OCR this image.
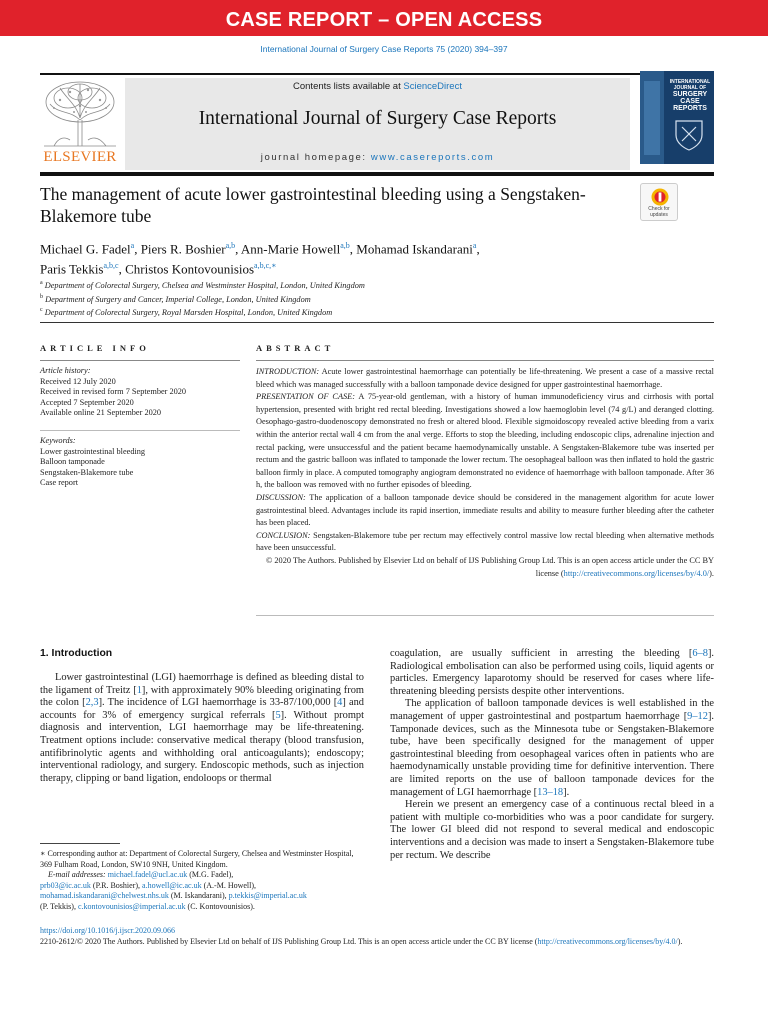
CASE REPORT – OPEN ACCESS
International Journal of Surgery Case Reports 75 (2020) 394–397
ELSEVIER
Contents lists available at ScienceDirect
International Journal of Surgery Case Reports
journal homepage: www.casereports.com
INTERNATIONAL JOURNAL OF
SURGERY
CASE
REPORTS
The management of acute lower gastrointestinal bleeding using a Sengstaken-Blakemore tube	Check for
updates
Michael G. Fadel$^a$, Piers R. Boshier$^{a,b}$, Ann-Marie Howell$^{a,b}$, Mohamad Iskandarani$^a$,
Paris Tekkis$^{a,b,c}$, Christos Kontovounisios$^{a,b,c,∗}$
$^a$ Department of Colorectal Surgery, Chelsea and Westminster Hospital, London, United Kingdom
$^b$ Department of Surgery and Cancer, Imperial College, London, United Kingdom
$^c$ Department of Colorectal Surgery, Royal Marsden Hospital, London, United Kingdom
ARTICLE INFO
Article history:
Received 12 July 2020
Received in revised form 7 September 2020
Accepted 7 September 2020
Available online 21 September 2020
Keywords:
Lower gastrointestinal bleeding
Balloon tamponade
Sengstaken-Blakemore tube
Case report
ABSTRACT
INTRODUCTION: Acute lower gastrointestinal haemorrhage can potentially be life-threatening. We present a case of a massive rectal bleed which was managed successfully with a balloon tamponade device designed for upper gastrointestinal haemorrhage.
PRESENTATION OF CASE: A 75-year-old gentleman, with a history of human immunodeficiency virus and cirrhosis with portal hypertension, presented with bright red rectal bleeding. Investigations showed a low haemoglobin level (74 g/L) and deranged clotting. Oesophago-gastro-duodenoscopy demonstrated no fresh or altered blood. Flexible sigmoidoscopy revealed active bleeding from a varix within the anterior rectal wall 4 cm from the anal verge. Efforts to stop the bleeding, including endoscopic clips, adrenaline injection and rectal packing, were unsuccessful and the patient became haemodynamically unstable. A Sengstaken-Blakemore tube was inserted per rectum and the gastric balloon was inflated to tamponade the lower rectum. The oesophageal balloon was then inflated to hold the gastric balloon firmly in place. A computed tomography angiogram demonstrated no evidence of haemorrhage with balloon tamponade. After 36 h, the balloon was removed with no further episodes of bleeding.
DISCUSSION: The application of a balloon tamponade device should be considered in the management algorithm for acute lower gastrointestinal bleed. Advantages include its rapid insertion, immediate results and ability to measure further bleeding after the catheter has been placed.
CONCLUSION: Sengstaken-Blakemore tube per rectum may effectively control massive low rectal bleeding when alternative methods have been unsuccessful.
© 2020 The Authors. Published by Elsevier Ltd on behalf of IJS Publishing Group Ltd. This is an open access article under the CC BY license (http://creativecommons.org/licenses/by/4.0/).
1. Introduction

Lower gastrointestinal (LGI) haemorrhage is defined as bleeding distal to the ligament of Treitz [1], with approximately 90% bleeding originating from the colon [2,3]. The incidence of LGI haemorrhage is 33-87/100,000 [4] and accounts for 3% of emergency surgical referrals [5]. Without prompt diagnosis and intervention, LGI haemorrhage may be life-threatening. Treatment options include: conservative medical therapy (blood transfusion, antifibrinolytic agents and withholding oral anticoagulants); endoscopy; interventional radiology, and surgery. Endoscopic methods, such as injection therapy, clipping or band ligation, endoloops or thermal

coagulation, are usually sufficient in arresting the bleeding [6–8]. Radiological embolisation can also be performed using coils, liquid agents or particles. Emergency laparotomy should be reserved for cases where life-threatening bleeding persists despite other interventions.

The application of balloon tamponade devices is well established in the management of upper gastrointestinal and postpartum haemorrhage [9–12]. Tamponade devices, such as the Minnesota tube or Sengstaken-Blakemore tube, have been specifically designed for the management of upper gastrointestinal bleeding from oesophageal varices often in patients who are haemodynamically unstable providing time for definitive intervention. There are limited reports on the use of balloon tamponade devices for the management of LGI haemorrhage [13–18].

Herein we present an emergency case of a continuous rectal bleed in a patient with multiple co-morbidities who was a poor candidate for surgery. The lower GI bleed did not respond to several medical and endoscopic interventions and a decision was made to insert a Sengstaken-Blakemore tube per rectum. We describe

∗ Corresponding author at: Department of Colorectal Surgery, Chelsea and Westminster Hospital, 369 Fulham Road, London, SW10 9NH, United Kingdom.
E-mail addresses: michael.fadel@ucl.ac.uk (M.G. Fadel),
prb03@ic.ac.uk (P.R. Boshier), a.howell@ic.ac.uk (A.-M. Howell),
mohamad.iskandarani@chelwest.nhs.uk (M. Iskandarani), p.tekkis@imperial.ac.uk
(P. Tekkis), c.kontovounisios@imperial.ac.uk (C. Kontovounisios).
https://doi.org/10.1016/j.ijscr.2020.09.066
2210-2612/© 2020 The Authors. Published by Elsevier Ltd on behalf of IJS Publishing Group Ltd. This is an open access article under the CC BY license (http://creativecommons.org/licenses/by/4.0/).
